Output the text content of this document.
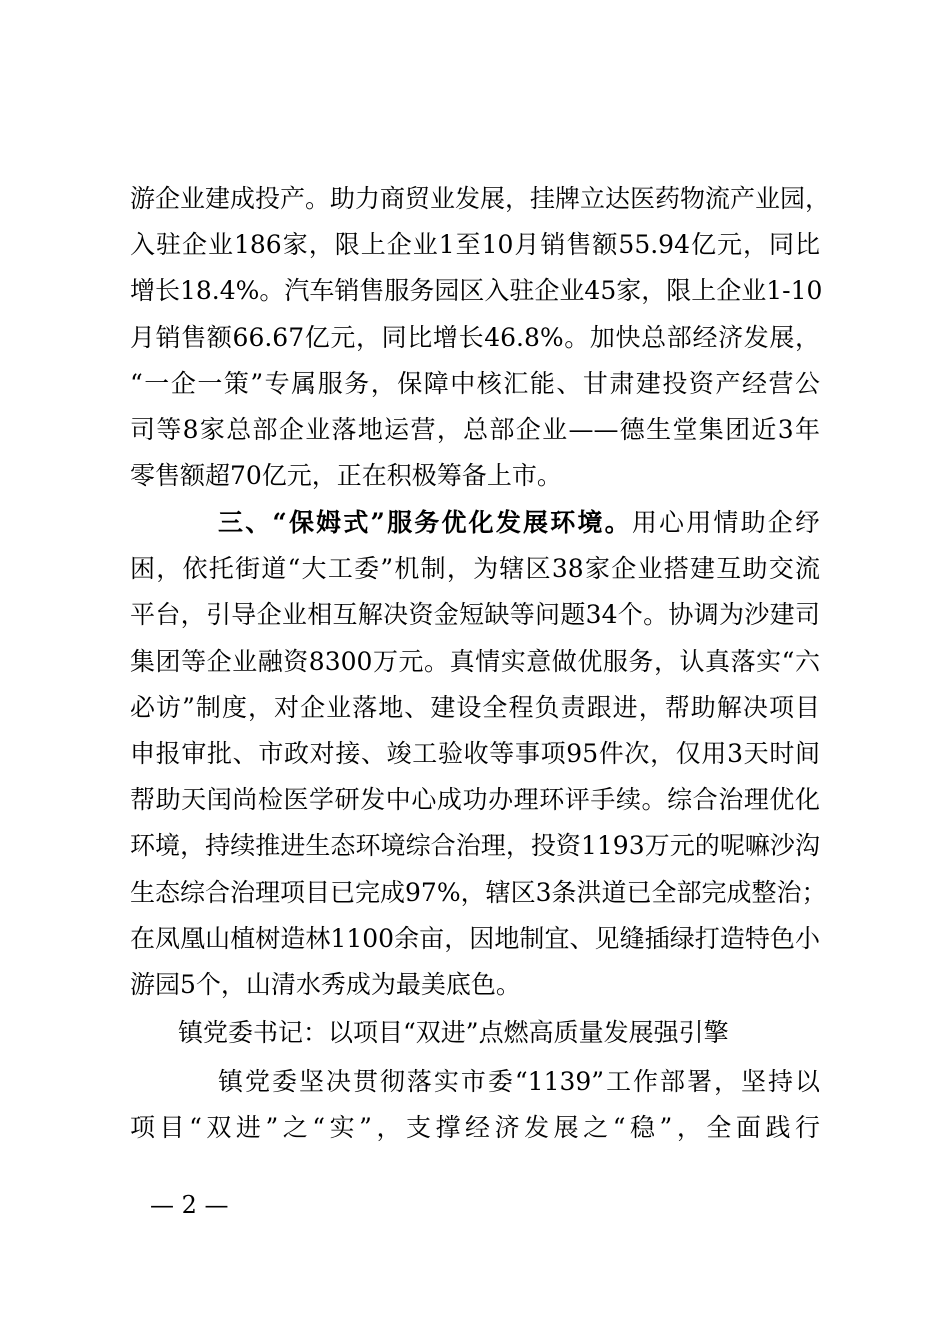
游企业建成投产。助力商贸业发展，挂牌立达医药物流产业园，
入驻企业186家，限上企业1至10月销售额55.94亿元，同比
增长18.4%。汽车销售服务园区入驻企业45家，限上企业1-10
月销售额66.67亿元，同比增长46.8%。加快总部经济发展，
“一企一策”专属服务，保障中核汇能、甘肃建投资产经营公
司等8家总部企业落地运营，总部企业——德生堂集团近3年
零售额超70亿元，正在积极筹备上市。
三、“保姆式”服务优化发展环境。用心用情助企纾
困，依托街道“大工委”机制，为辖区38家企业搭建互助交流
平台，引导企业相互解决资金短缺等问题34个。协调为沙建司
集团等企业融资8300万元。真情实意做优服务，认真落实“六
必访”制度，对企业落地、建设全程负责跟进，帮助解决项目
申报审批、市政对接、竣工验收等事项95件次，仅用3天时间
帮助天闰尚检医学研发中心成功办理环评手续。综合治理优化
环境，持续推进生态环境综合治理，投资1193万元的呢嘛沙沟
生态综合治理项目已完成97%，辖区3条洪道已全部完成整治；
在凤凰山植树造林1100余亩，因地制宜、见缝插绿打造特色小
游园5个，山清水秀成为最美底色。
镇党委书记：以项目“双进”点燃高质量发展强引擎
镇党委坚决贯彻落实市委“1139”工作部署，坚持以
项目“双进”之“实”，支撑经济发展之“稳”，全面践行
— 2 —
